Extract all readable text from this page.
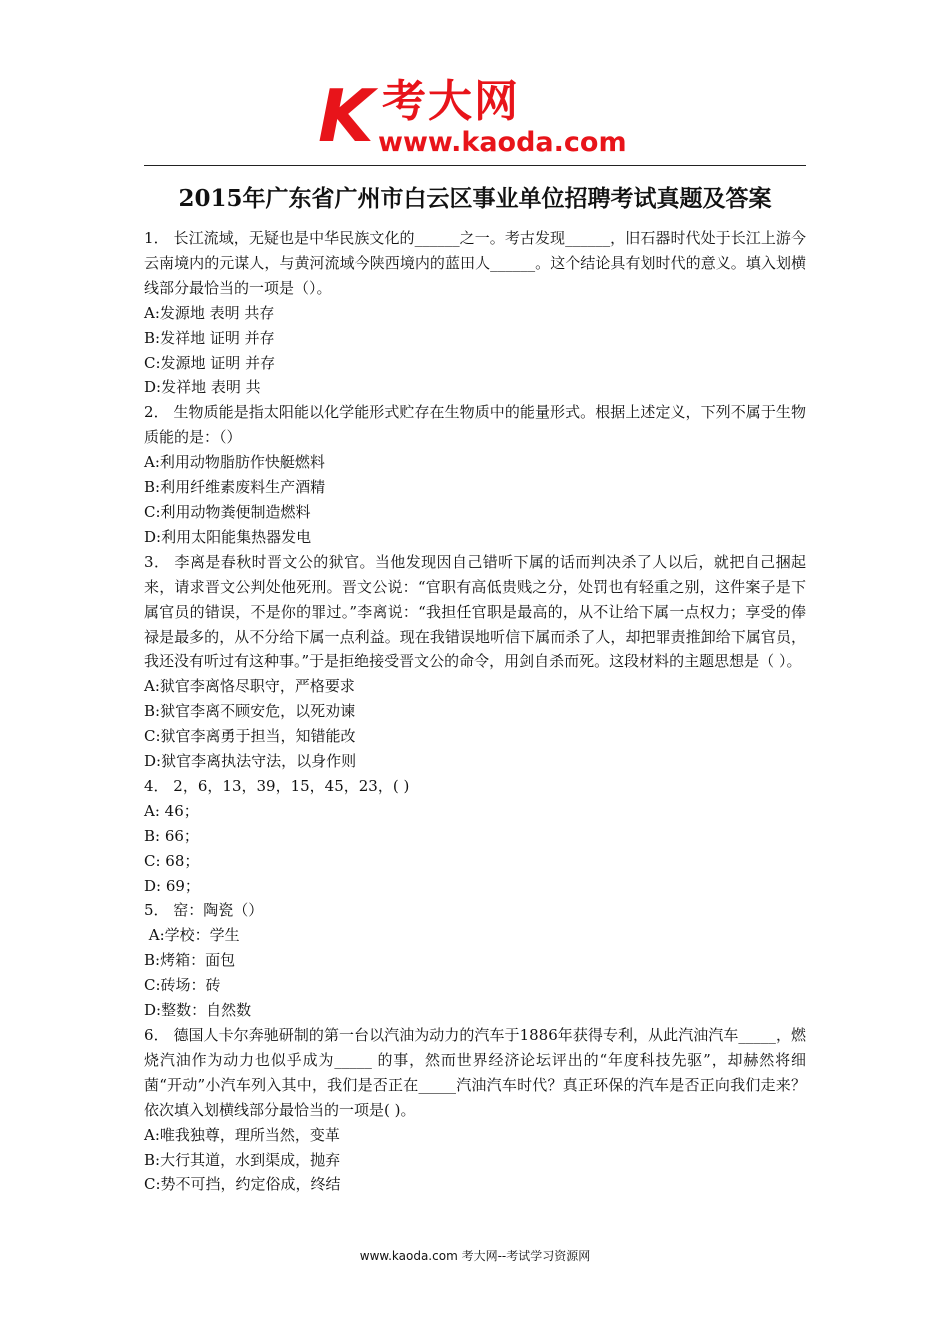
K 考大网
www.kaoda.com
2015年广东省广州市白云区事业单位招聘考试真题及答案

1． 长江流域，无疑也是中华民族文化的______之一。考古发现______，旧石器时代处于长江上游今云南境内的元谋人，与黄河流域今陕西境内的蓝田人______。这个结论具有划时代的意义。填入划横线部分最恰当的一项是（）。

A:发源地 表明 共存

B:发祥地 证明 并存

C:发源地 证明 并存

D:发祥地 表明 共

2． 生物质能是指太阳能以化学能形式贮存在生物质中的能量形式。根据上述定义，下列不属于生物质能的是：（）

A:利用动物脂肪作快艇燃料

B:利用纤维素废料生产酒精

C:利用动物粪便制造燃料

D:利用太阳能集热器发电

3． 李离是春秋时晋文公的狱官。当他发现因自己错听下属的话而判决杀了人以后，就把自己捆起来，请求晋文公判处他死刑。晋文公说：“官职有高低贵贱之分，处罚也有轻重之别，这件案子是下属官员的错误，不是你的罪过。”李离说：“我担任官职是最高的，从不让给下属一点权力；享受的俸禄是最多的，从不分给下属一点利益。现在我错误地听信下属而杀了人，却把罪责推卸给下属官员，我还没有听过有这种事。”于是拒绝接受晋文公的命令，用剑自杀而死。这段材料的主题思想是（ ）。

A:狱官李离恪尽职守，严格要求

B:狱官李离不顾安危，以死劝谏

C:狱官李离勇于担当，知错能改

D:狱官李离执法守法，以身作则

4． 2，6，13，39，15，45，23，( )

A: 46；

B: 66；

C: 68；

D: 69；

5． 窑：陶瓷（）

A:学校：学生

B:烤箱：面包

C:砖场：砖

D:整数：自然数

6． 德国人卡尔奔驰研制的第一台以汽油为动力的汽车于1886年获得专利，从此汽油汽车_____，燃烧汽油作为动力也似乎成为_____ 的事，然而世界经济论坛评出的“年度科技先驱”，却赫然将细菌“开动”小汽车列入其中，我们是否正在_____汽油汽车时代？真正环保的汽车是否正向我们走来？ 依次填入划横线部分最恰当的一项是( )。

A:唯我独尊，理所当然，变革

B:大行其道，水到渠成，抛弃

C:势不可挡，约定俗成，终结

www.kaoda.com 考大网--考试学习资源网
